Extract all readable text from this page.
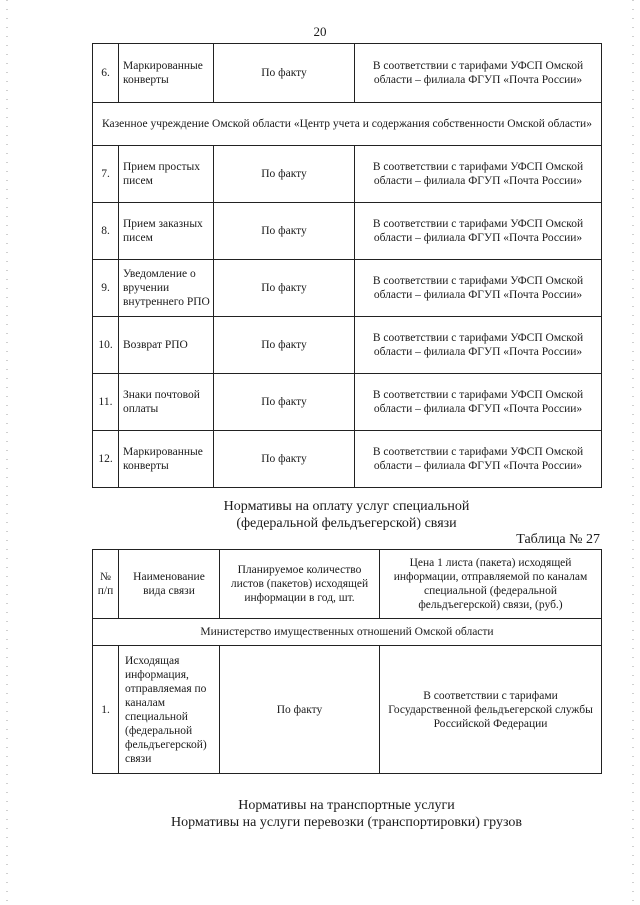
20
6.	Маркированные конверты	По факту	В соответствии с тарифами УФСП Омской области – филиала ФГУП «Почта России»
Казенное учреждение Омской области «Центр учета и содержания собственности Омской области»			
7.	Прием простых писем	По факту	В соответствии с тарифами УФСП Омской области – филиала ФГУП «Почта России»
8.	Прием заказных писем	По факту	В соответствии с тарифами УФСП Омской области – филиала ФГУП «Почта России»
9.	Уведомление о вручении внутреннего РПО	По факту	В соответствии с тарифами УФСП Омской области – филиала ФГУП «Почта России»
10.	Возврат РПО	По факту	В соответствии с тарифами УФСП Омской области – филиала ФГУП «Почта России»
11.	Знаки почтовой оплаты	По факту	В соответствии с тарифами УФСП Омской области – филиала ФГУП «Почта России»
12.	Маркированные конверты	По факту	В соответствии с тарифами УФСП Омской области – филиала ФГУП «Почта России»
Нормативы на оплату услуг специальной
(федеральной фельдъегерской) связи
Таблица № 27
№ п/п	Наименование вида связи	Планируемое количество листов (пакетов) исходящей информации в год, шт.	Цена 1 листа (пакета) исходящей информации, отправляемой по каналам специальной (федеральной фельдъегерской) связи, (руб.)
Министерство имущественных отношений Омской области			
1.	Исходящая информация, отправляемая по каналам специальной (федеральной фельдъегерской) связи	По факту	В соответствии с тарифами Государственной фельдъегерской службы Российской Федерации
Нормативы на транспортные услуги
Нормативы на услуги перевозки (транспортировки) грузов
